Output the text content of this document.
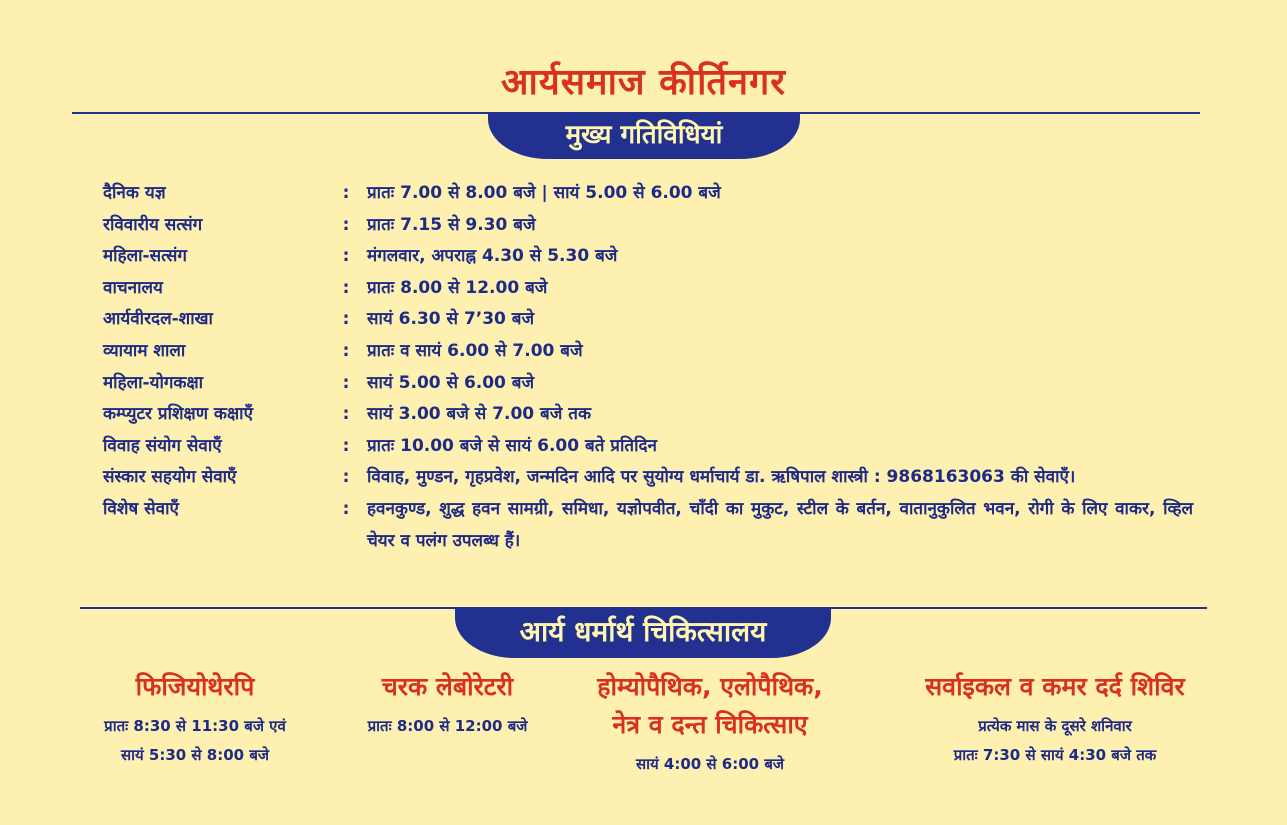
आर्यसमाज कीर्तिनगर
मुख्य गतिविधियां
दैनिक यज्ञ	:	प्रातः 7.00 से 8.00 बजे | सायं 5.00 से 6.00 बजे
रविवारीय सत्संग	:	प्रातः 7.15 से 9.30 बजे
महिला-सत्संग	:	मंगलवार, अपराह्न 4.30 से 5.30 बजे
वाचनालय	:	प्रातः 8.00 से 12.00 बजे
आर्यवीरदल-शाखा	:	सायं 6.30 से 7’30 बजे
व्यायाम शाला	:	प्रातः व सायं 6.00 से 7.00 बजे
महिला-योगकक्षा	:	सायं 5.00 से 6.00 बजे
कम्प्युटर प्रशिक्षण कक्षाएँ	:	सायं 3.00 बजे से 7.00 बजे तक
विवाह संयोग सेवाएँ	:	प्रातः 10.00 बजे से सायं 6.00 बते प्रतिदिन
संस्कार सहयोग सेवाएँ	:	विवाह, मुण्डन, गृहप्रवेश, जन्मदिन आदि पर सुयोग्य धर्माचार्य डा. ऋषिपाल शास्त्री : 9868163063 की सेवाएँ।
विशेष सेवाएँ	:	हवनकुण्ड, शुद्ध हवन सामग्री, समिधा, यज्ञोपवीत, चाँदी का मुकुट, स्टील के बर्तन, वातानुकुलित भवन, रोगी के लिए वाकर, व्हिल चेयर व पलंग उपलब्ध हैं।
आर्य धर्मार्थ चिकित्सालय
फिजियोथेरपि
प्रातः 8:30 से 11:30 बजे एवं
सायं 5:30 से 8:00 बजे
चरक लेबोरेटरी
प्रातः 8:00 से 12:00 बजे
होम्योपैथिक, एलोपैथिक,
नेत्र व दन्त चिकित्साए
सायं 4:00 से 6:00 बजे
सर्वाइकल व कमर दर्द शिविर
प्रत्येक मास के दूसरे शनिवार
प्रातः 7:30 से सायं 4:30 बजे तक
